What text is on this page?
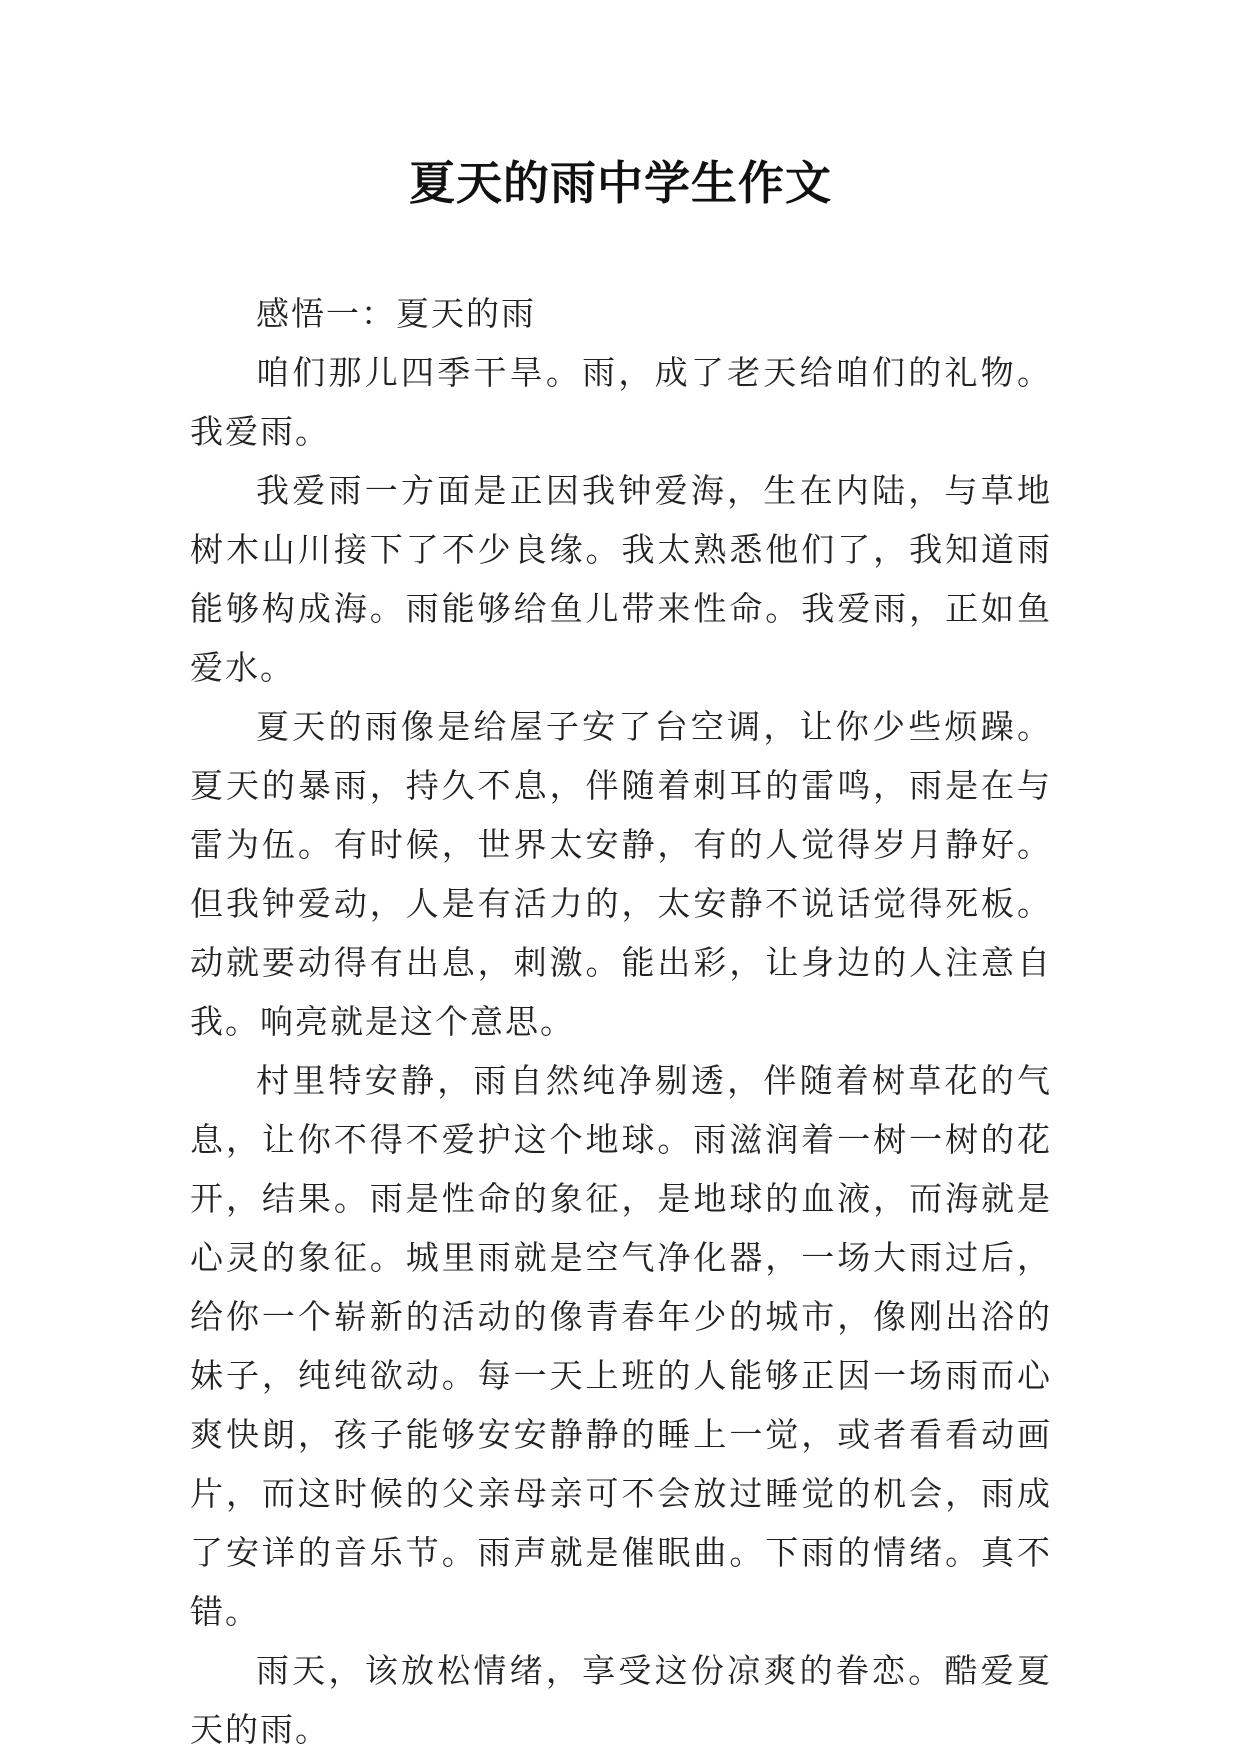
夏天的雨中学生作文

感悟一：夏天的雨

咱们那儿四季干旱。雨，成了老天给咱们的礼物。我爱雨。

我爱雨一方面是正因我钟爱海，生在内陆，与草地树木山川接下了不少良缘。我太熟悉他们了，我知道雨能够构成海。雨能够给鱼儿带来性命。我爱雨，正如鱼爱水。

夏天的雨像是给屋子安了台空调，让你少些烦躁。夏天的暴雨，持久不息，伴随着刺耳的雷鸣，雨是在与雷为伍。有时候，世界太安静，有的人觉得岁月静好。但我钟爱动，人是有活力的，太安静不说话觉得死板。动就要动得有出息，刺激。能出彩，让身边的人注意自我。响亮就是这个意思。

村里特安静，雨自然纯净剔透，伴随着树草花的气息，让你不得不爱护这个地球。雨滋润着一树一树的花开，结果。雨是性命的象征，是地球的血液，而海就是心灵的象征。城里雨就是空气净化器，一场大雨过后，给你一个崭新的活动的像青春年少的城市，像刚出浴的妹子，纯纯欲动。每一天上班的人能够正因一场雨而心爽快朗，孩子能够安安静静的睡上一觉，或者看看动画片，而这时候的父亲母亲可不会放过睡觉的机会，雨成了安详的音乐节。雨声就是催眠曲。下雨的情绪。真不错。

雨天，该放松情绪，享受这份凉爽的眷恋。酷爱夏天的雨。
